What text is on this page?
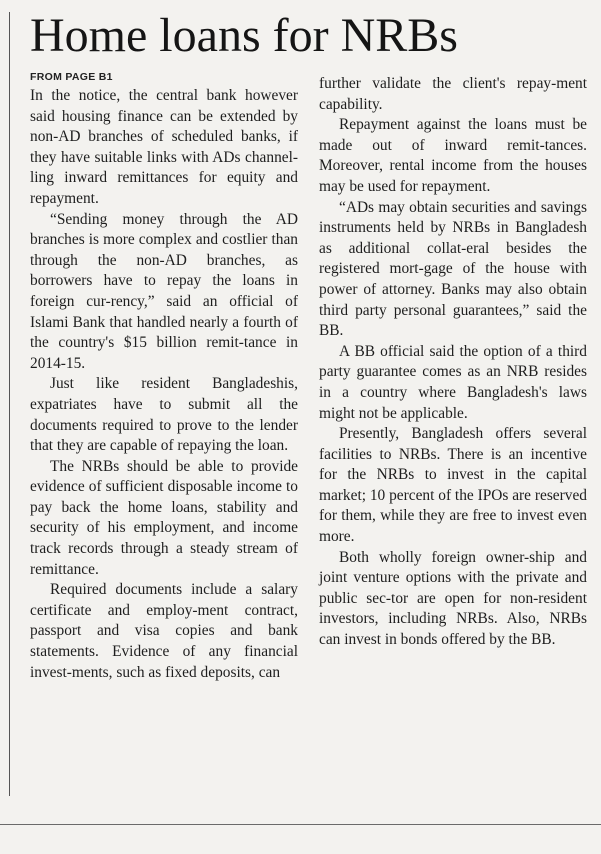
Home loans for NRBs
FROM PAGE B1

In the notice, the central bank however said housing finance can be extended by non-AD branches of scheduled banks, if they have suitable links with ADs channel-ling inward remittances for equity and repayment.

“Sending money through the AD branches is more complex and costlier than through the non-AD branches, as borrowers have to repay the loans in foreign cur-rency,” said an official of Islami Bank that handled nearly a fourth of the country's $15 billion remit-tance in 2014-15.

Just like resident Bangladeshis, expatriates have to submit all the documents required to prove to the lender that they are capable of repaying the loan.

The NRBs should be able to provide evidence of sufficient disposable income to pay back the home loans, stability and security of his employment, and income track records through a steady stream of remittance.

Required documents include a salary certificate and employ-ment contract, passport and visa copies and bank statements. Evidence of any financial invest-ments, such as fixed deposits, can

further validate the client's repay-ment capability.

Repayment against the loans must be made out of inward remit-tances. Moreover, rental income from the houses may be used for repayment.

“ADs may obtain securities and savings instruments held by NRBs in Bangladesh as additional collat-eral besides the registered mort-gage of the house with power of attorney. Banks may also obtain third party personal guarantees,” said the BB.

A BB official said the option of a third party guarantee comes as an NRB resides in a country where Bangladesh's laws might not be applicable.

Presently, Bangladesh offers several facilities to NRBs. There is an incentive for the NRBs to invest in the capital market; 10 percent of the IPOs are reserved for them, while they are free to invest even more.

Both wholly foreign owner-ship and joint venture options with the private and public sec-tor are open for non-resident investors, including NRBs. Also, NRBs can invest in bonds offered by the BB.
